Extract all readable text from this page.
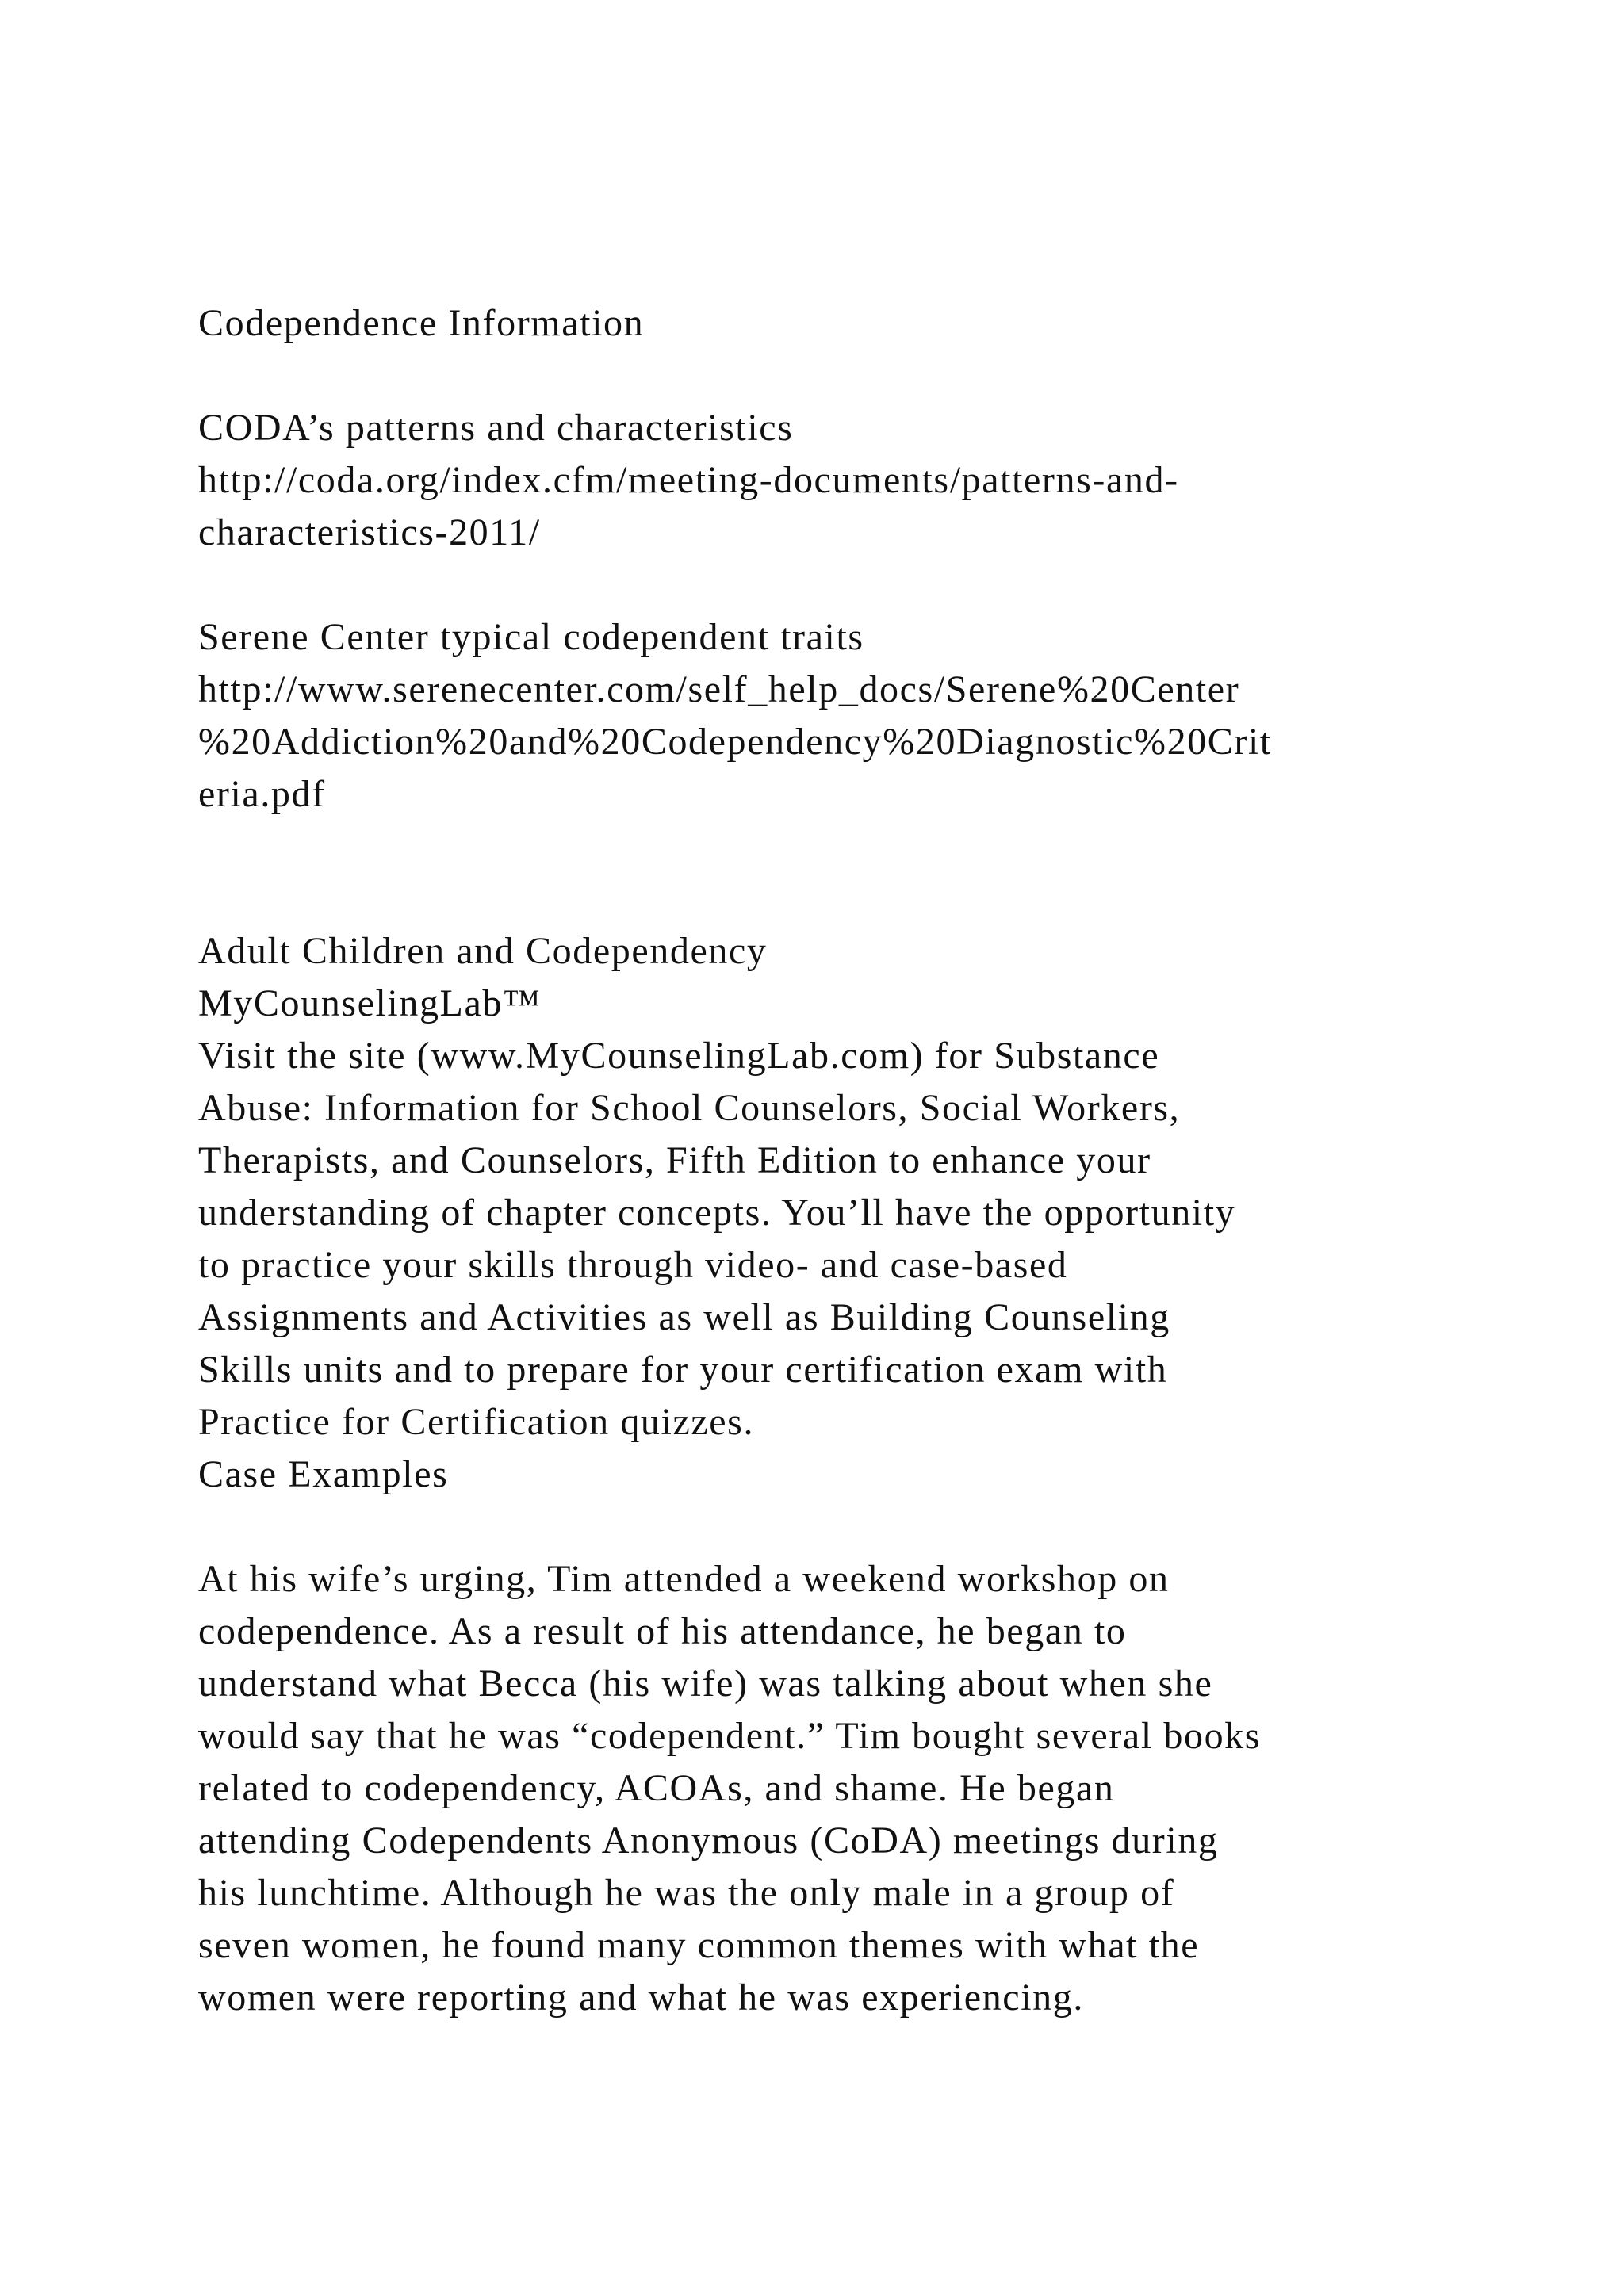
Codependence Information
CODA’s patterns and characteristics
http://coda.org/index.cfm/meeting-documents/patterns-and-
characteristics-2011/
Serene Center typical codependent traits
http://www.serenecenter.com/self_help_docs/Serene%20Center
%20Addiction%20and%20Codependency%20Diagnostic%20Crit
eria.pdf
Adult Children and Codependency
MyCounselingLab™
Visit the site (www.MyCounselingLab.com) for Substance
Abuse: Information for School Counselors, Social Workers,
Therapists, and Counselors, Fifth Edition to enhance your
understanding of chapter concepts. You’ll have the opportunity
to practice your skills through video- and case-based
Assignments and Activities as well as Building Counseling
Skills units and to prepare for your certification exam with
Practice for Certification quizzes.
Case Examples
At his wife’s urging, Tim attended a weekend workshop on
codependence. As a result of his attendance, he began to
understand what Becca (his wife) was talking about when she
would say that he was “codependent.” Tim bought several books
related to codependency, ACOAs, and shame. He began
attending Codependents Anonymous (CoDA) meetings during
his lunchtime. Although he was the only male in a group of
seven women, he found many common themes with what the
women were reporting and what he was experiencing.
